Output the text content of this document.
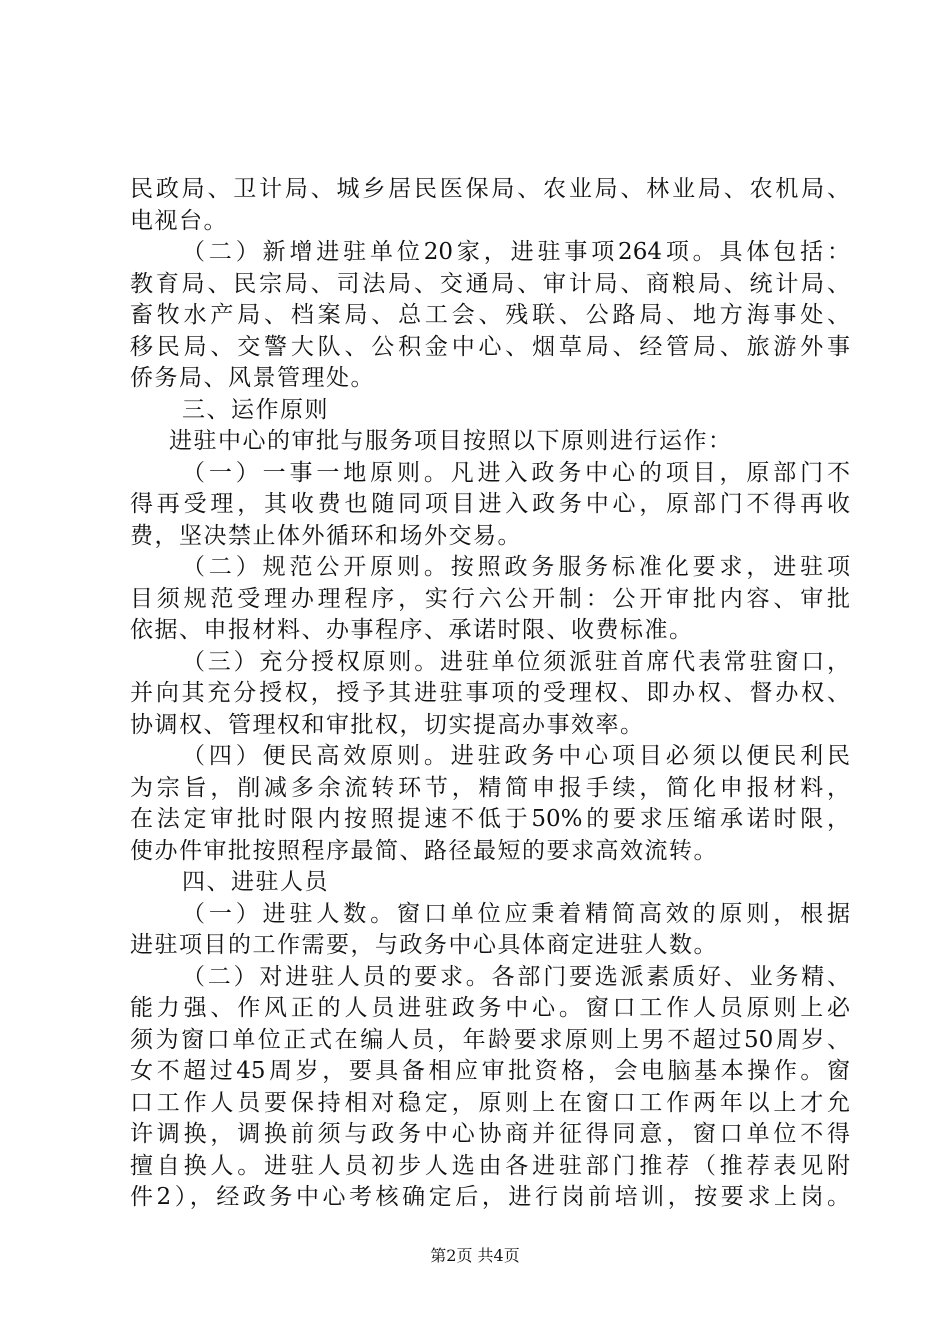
民政局、卫计局、城乡居民医保局、农业局、林业局、农机局、
电视台。
（二）新增进驻单位20家，进驻事项264项。具体包括：
教育局、民宗局、司法局、交通局、审计局、商粮局、统计局、
畜牧水产局、档案局、总工会、残联、公路局、地方海事处、
移民局、交警大队、公积金中心、烟草局、经管局、旅游外事
侨务局、风景管理处。
三、运作原则
进驻中心的审批与服务项目按照以下原则进行运作：
（一）一事一地原则。凡进入政务中心的项目，原部门不
得再受理，其收费也随同项目进入政务中心，原部门不得再收
费，坚决禁止体外循环和场外交易。
（二）规范公开原则。按照政务服务标准化要求，进驻项
目须规范受理办理程序，实行六公开制：公开审批内容、审批
依据、申报材料、办事程序、承诺时限、收费标准。
（三）充分授权原则。进驻单位须派驻首席代表常驻窗口，
并向其充分授权，授予其进驻事项的受理权、即办权、督办权、
协调权、管理权和审批权，切实提高办事效率。
（四）便民高效原则。进驻政务中心项目必须以便民利民
为宗旨，削减多余流转环节，精简申报手续，简化申报材料，
在法定审批时限内按照提速不低于50%的要求压缩承诺时限，
使办件审批按照程序最简、路径最短的要求高效流转。
四、进驻人员
（一）进驻人数。窗口单位应秉着精简高效的原则，根据
进驻项目的工作需要，与政务中心具体商定进驻人数。
（二）对进驻人员的要求。各部门要选派素质好、业务精、
能力强、作风正的人员进驻政务中心。窗口工作人员原则上必
须为窗口单位正式在编人员，年龄要求原则上男不超过50周岁、
女不超过45周岁，要具备相应审批资格，会电脑基本操作。窗
口工作人员要保持相对稳定，原则上在窗口工作两年以上才允
许调换，调换前须与政务中心协商并征得同意，窗口单位不得
擅自换人。进驻人员初步人选由各进驻部门推荐（推荐表见附
件2），经政务中心考核确定后，进行岗前培训，按要求上岗。
第2页 共4页
